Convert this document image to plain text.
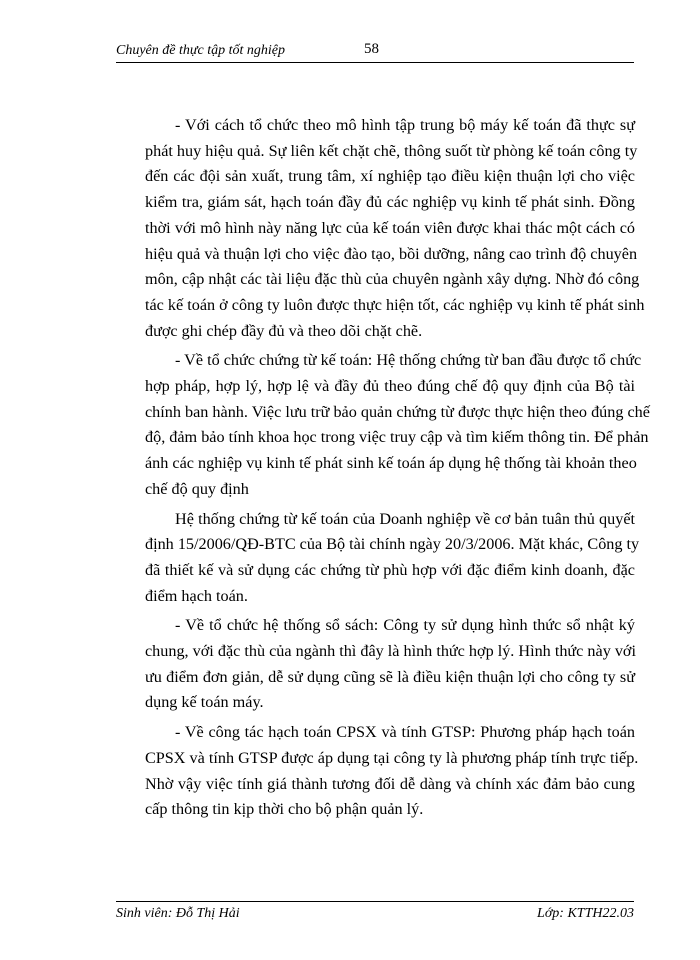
Chuyên đề thực tập tốt nghiệp	58

- Với cách tổ chức theo mô hình tập trung bộ máy kế toán đã thực sự
phát huy hiệu quả. Sự liên kết chặt chẽ, thông suốt từ phòng kế toán công ty
đến các đội sản xuất, trung tâm, xí nghiệp tạo điều kiện thuận lợi cho việc
kiểm tra, giám sát, hạch toán đầy đủ các nghiệp vụ kinh tế phát sinh. Đồng
thời với mô hình này năng lực của kế toán viên được khai thác một cách có
hiệu quả và thuận lợi cho việc đào tạo, bồi dưỡng, nâng cao trình độ chuyên
môn, cập nhật các tài liệu đặc thù của chuyên ngành xây dựng. Nhờ đó công
tác kế toán ở công ty luôn được thực hiện tốt, các nghiệp vụ kinh tế phát sinh
được ghi chép đầy đủ và theo dõi chặt chẽ.

- Về tổ chức chứng từ kế toán: Hệ thống chứng từ ban đầu được tổ chức
hợp pháp, hợp lý, hợp lệ và đầy đủ theo đúng chế độ quy định của Bộ tài
chính ban hành. Việc lưu trữ bảo quản chứng từ được thực hiện theo đúng chế
độ, đảm bảo tính khoa học trong việc truy cập và tìm kiếm thông tin. Để phản
ánh các nghiệp vụ kinh tế phát sinh kế toán áp dụng hệ thống tài khoản theo
chế độ quy định

Hệ thống chứng từ kế toán của Doanh nghiệp về cơ bản tuân thủ quyết
định 15/2006/QĐ-BTC của Bộ tài chính ngày 20/3/2006. Mặt khác, Công ty
đã thiết kế và sử dụng các chứng từ phù hợp với đặc điểm kinh doanh, đặc
điểm hạch toán.

- Về tổ chức hệ thống sổ sách: Công ty sử dụng hình thức sổ nhật ký
chung, với đặc thù của ngành thì đây là hình thức hợp lý. Hình thức này với
ưu điểm đơn giản, dễ sử dụng cũng sẽ là điều kiện thuận lợi cho công ty sử
dụng kế toán máy.

- Về công tác hạch toán CPSX và tính GTSP: Phương pháp hạch toán
CPSX và tính GTSP được áp dụng tại công ty là phương pháp tính trực tiếp.
Nhờ vậy việc tính giá thành tương đối dễ dàng và chính xác đảm bảo cung
cấp thông tin kịp thời cho bộ phận quản lý.

Sinh viên: Đỗ Thị Hải	Lớp: KTTH22.03
